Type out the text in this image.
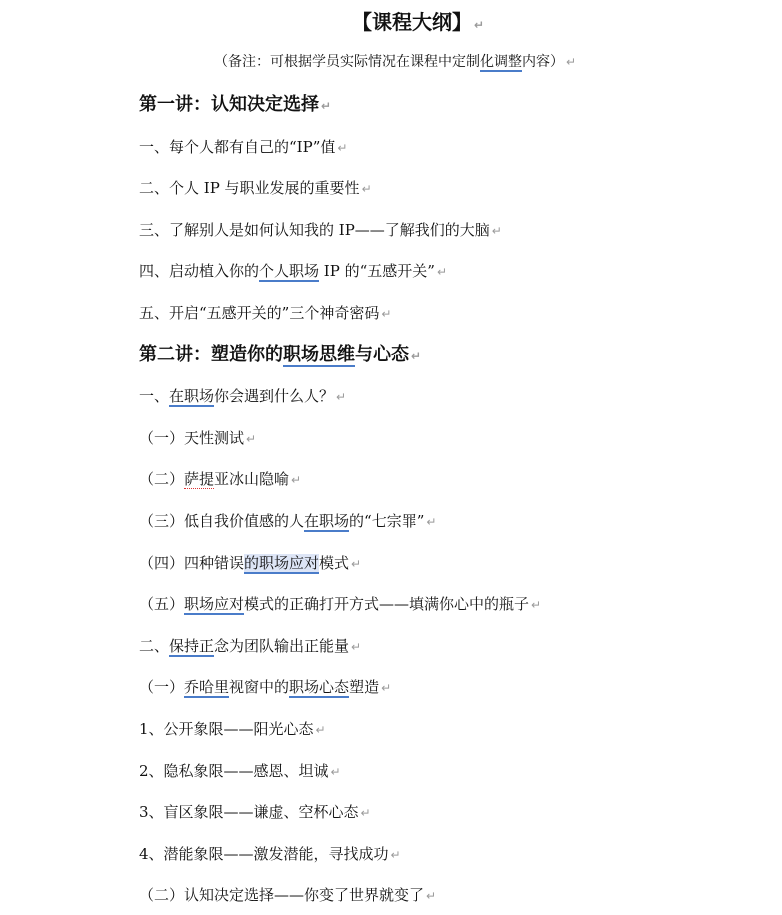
【课程大纲】 ↵
（备注：可根据学员实际情况在课程中定制化调整内容） ↵
第一讲：认知决定选择 ↵
一、每个人都有自己的“IP”值 ↵
二、个人 IP 与职业发展的重要性 ↵
三、了解别人是如何认知我的 IP——了解我们的大脑 ↵
四、启动植入你的个人职场 IP 的“五感开关” ↵
五、开启“五感开关的”三个神奇密码 ↵
第二讲：塑造你的职场思维与心态 ↵
一、在职场你会遇到什么人？ ↵
（一）天性测试 ↵
（二）萨提亚冰山隐喻 ↵
（三）低自我价值感的人在职场的“七宗罪” ↵
（四）四种错误的职场应对模式 ↵
（五）职场应对模式的正确打开方式——填满你心中的瓶子 ↵
二、保持正念为团队输出正能量 ↵
（一）乔哈里视窗中的职场心态塑造 ↵
1、公开象限——阳光心态 ↵
2、隐私象限——感恩、坦诚 ↵
3、盲区象限——谦虚、空杯心态 ↵
4、潜能象限——激发潜能，寻找成功 ↵
（二）认知决定选择——你变了世界就变了 ↵
